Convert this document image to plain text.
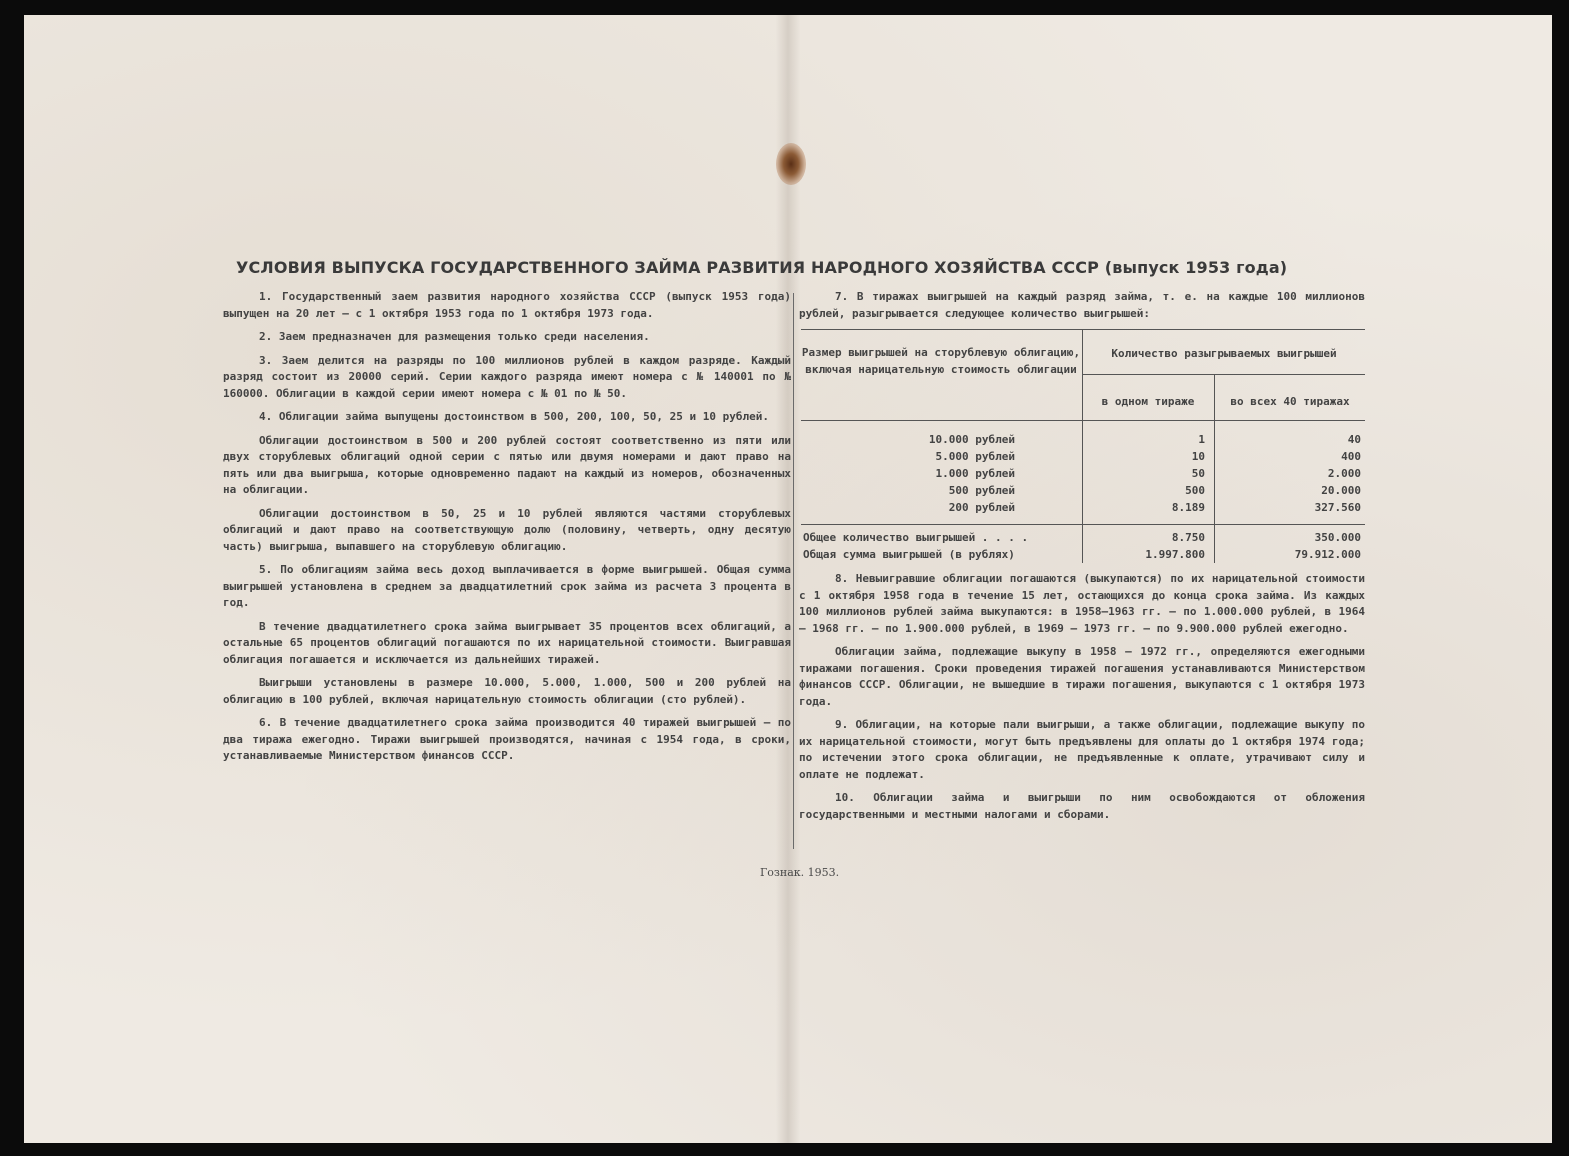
УСЛОВИЯ ВЫПУСКА ГОСУДАРСТВЕННОГО ЗАЙМА РАЗВИТИЯ НАРОДНОГО ХОЗЯЙСТВА СССР (выпуск 1953 года)

1. Государственный заем развития народного хозяйства СССР (выпуск 1953 года) выпущен на 20 лет — с 1 октября 1953 года по 1 октября 1973 года.

2. Заем предназначен для размещения только среди населения.

3. Заем делится на разряды по 100 миллионов рублей в каждом разряде. Каждый разряд состоит из 20000 серий. Серии каждого разряда имеют номера с № 140001 по № 160000. Облигации в каждой серии имеют номера с № 01 по № 50.

4. Облигации займа выпущены достоинством в 500, 200, 100, 50, 25 и 10 рублей.

Облигации достоинством в 500 и 200 рублей состоят соответственно из пяти или двух сторублевых облигаций одной серии с пятью или двумя номерами и дают право на пять или два выигрыша, которые одновременно падают на каждый из номеров, обозначенных на облигации.

Облигации достоинством в 50, 25 и 10 рублей являются частями сторублевых облигаций и дают право на соответствующую долю (половину, четверть, одну десятую часть) выигрыша, выпавшего на сторублевую облигацию.

5. По облигациям займа весь доход выплачивается в форме выигрышей. Общая сумма выигрышей установлена в среднем за двадцатилетний срок займа из расчета 3 процента в год.

В течение двадцатилетнего срока займа выигрывает 35 процентов всех облигаций, а остальные 65 процентов облигаций погашаются по их нарицательной стоимости. Выигравшая облигация погашается и исключается из дальнейших тиражей.

Выигрыши установлены в размере 10.000, 5.000, 1.000, 500 и 200 рублей на облигацию в 100 рублей, включая нарицательную стоимость облигации (сто рублей).

6. В течение двадцатилетнего срока займа производится 40 тиражей выигрышей — по два тиража ежегодно. Тиражи выигрышей производятся, начиная с 1954 года, в сроки, устанавливаемые Министерством финансов СССР.

7. В тиражах выигрышей на каждый разряд займа, т. е. на каждые 100 миллионов рублей, разыгрывается следующее количество выигрышей:

Размер выигрышей на сторублевую облигацию, включая нарицательную стоимость облигации
Количество разыгрываемых выигрышей
в одном тираже	во всех 40 тиражах
10.000 рублей	1	40
5.000 рублей	10	400
1.000 рублей	50	2.000
500 рублей	500	20.000
200 рублей	8.189	327.560
Общее количество выигрышей . . . .	8.750	350.000
Общая сумма выигрышей (в рублях)	1.997.800	79.912.000

8. Невыигравшие облигации погашаются (выкупаются) по их нарицательной стоимости с 1 октября 1958 года в течение 15 лет, остающихся до конца срока займа. Из каждых 100 миллионов рублей займа выкупаются: в 1958—1963 гг. — по 1.000.000 рублей, в 1964 — 1968 гг. — по 1.900.000 рублей, в 1969 — 1973 гг. — по 9.900.000 рублей ежегодно.

Облигации займа, подлежащие выкупу в 1958 — 1972 гг., определяются ежегодными тиражами погашения. Сроки проведения тиражей погашения устанавливаются Министерством финансов СССР. Облигации, не вышедшие в тиражи погашения, выкупаются с 1 октября 1973 года.

9. Облигации, на которые пали выигрыши, а также облигации, подлежащие выкупу по их нарицательной стоимости, могут быть предъявлены для оплаты до 1 октября 1974 года; по истечении этого срока облигации, не предъявленные к оплате, утрачивают силу и оплате не подлежат.

10. Облигации займа и выигрыши по ним освобождаются от обложения государственными и местными налогами и сборами.

Гознак. 1953.
